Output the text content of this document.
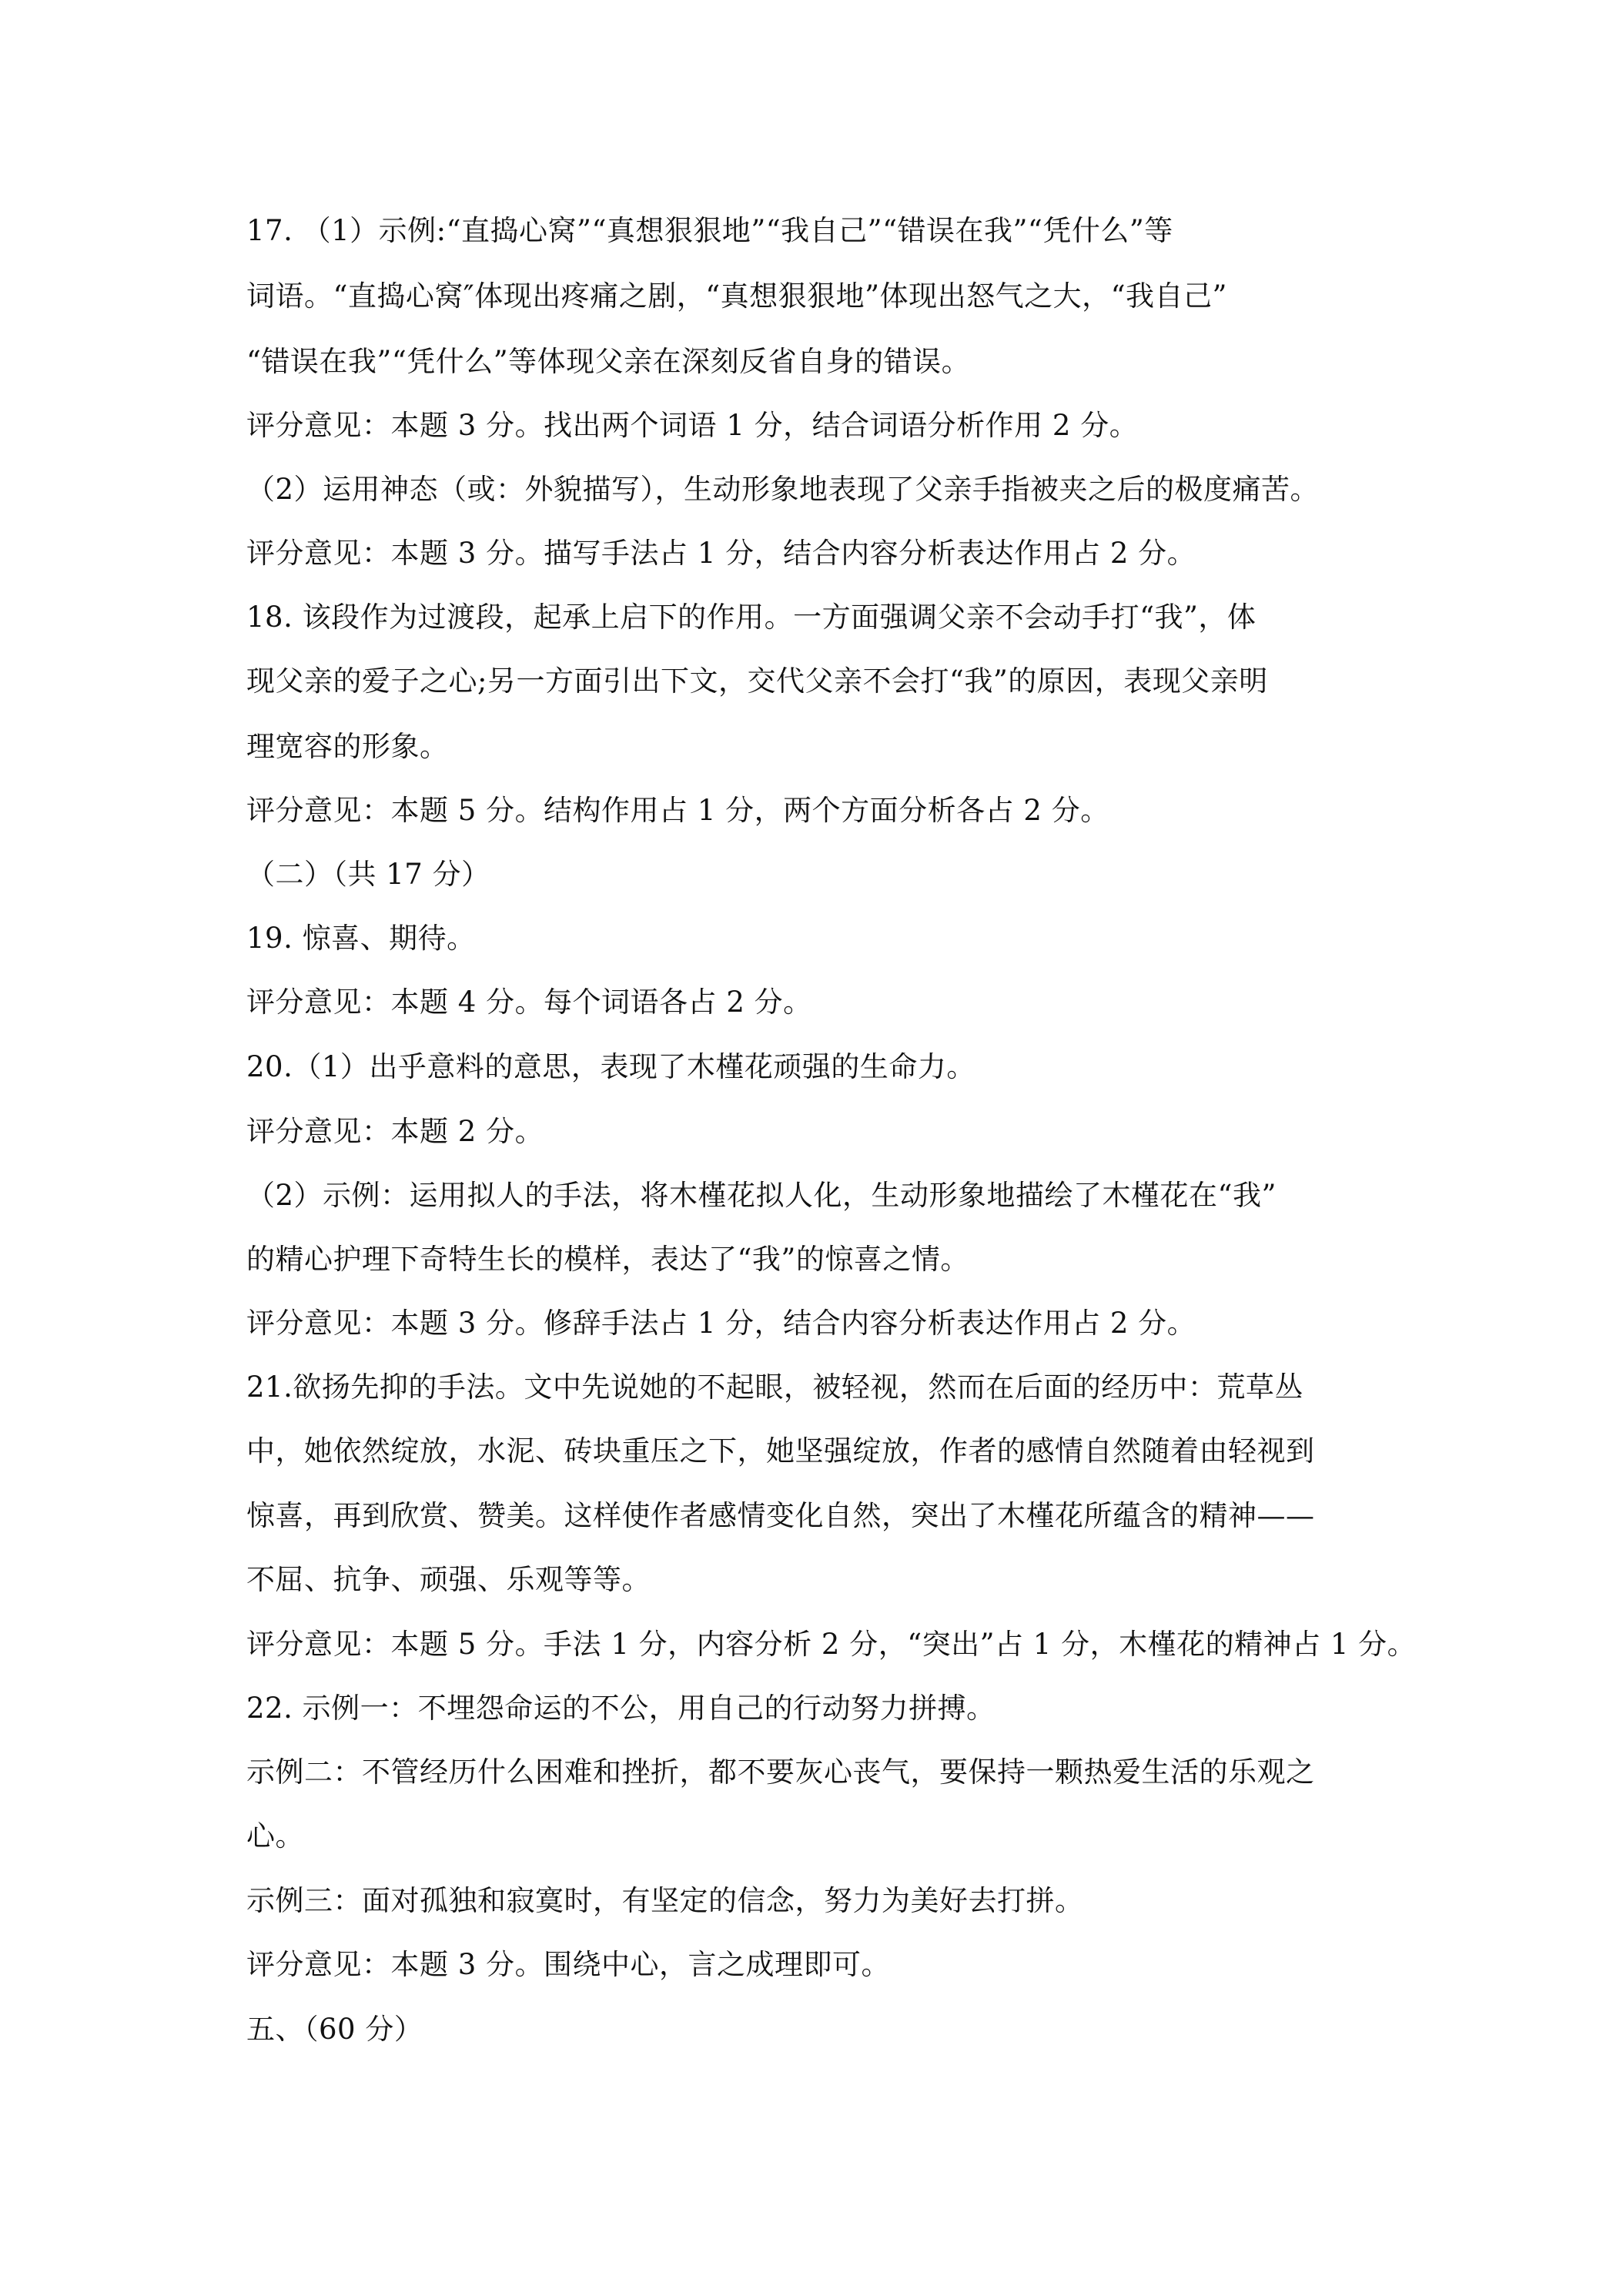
17. （1）示例:“直捣心窝”“真想狠狠地”“我自己”“错误在我”“凭什么”等
词语。“直捣心窝″体现出疼痛之剧，“真想狠狠地”体现出怒气之大，“我自己”
“错误在我”“凭什么”等体现父亲在深刻反省自身的错误。
评分意见：本题 3 分。找出两个词语 1 分，结合词语分析作用 2 分。
（2）运用神态（或：外貌描写），生动形象地表现了父亲手指被夹之后的极度痛苦。
评分意见：本题 3 分。描写手法占 1 分，结合内容分析表达作用占 2 分。
18. 该段作为过渡段，起承上启下的作用。一方面强调父亲不会动手打“我”，体
现父亲的爱子之心;另一方面引出下文，交代父亲不会打“我”的原因，表现父亲明
理宽容的形象。
评分意见：本题 5 分。结构作用占 1 分，两个方面分析各占 2 分。
（二）（共 17 分）
19. 惊喜、期待。
评分意见：本题 4 分。每个词语各占 2 分。
20.（1）出乎意料的意思，表现了木槿花顽强的生命力。
评分意见：本题 2 分。
（2）示例：运用拟人的手法，将木槿花拟人化，生动形象地描绘了木槿花在“我”
的精心护理下奇特生长的模样，表达了“我”的惊喜之情。
评分意见：本题 3 分。修辞手法占 1 分，结合内容分析表达作用占 2 分。
21.欲扬先抑的手法。文中先说她的不起眼，被轻视，然而在后面的经历中：荒草丛
中，她依然绽放，水泥、砖块重压之下，她坚强绽放，作者的感情自然随着由轻视到
惊喜，再到欣赏、赞美。这样使作者感情变化自然，突出了木槿花所蕴含的精神——
不屈、抗争、顽强、乐观等等。
评分意见：本题 5 分。手法 1 分，内容分析 2 分，“突出”占 1 分，木槿花的精神占 1 分。
22. 示例一：不埋怨命运的不公，用自己的行动努力拼搏。
示例二：不管经历什么困难和挫折，都不要灰心丧气，要保持一颗热爱生活的乐观之
心。
示例三：面对孤独和寂寞时，有坚定的信念，努力为美好去打拼。
评分意见：本题 3 分。围绕中心，言之成理即可。
五、（60 分）
